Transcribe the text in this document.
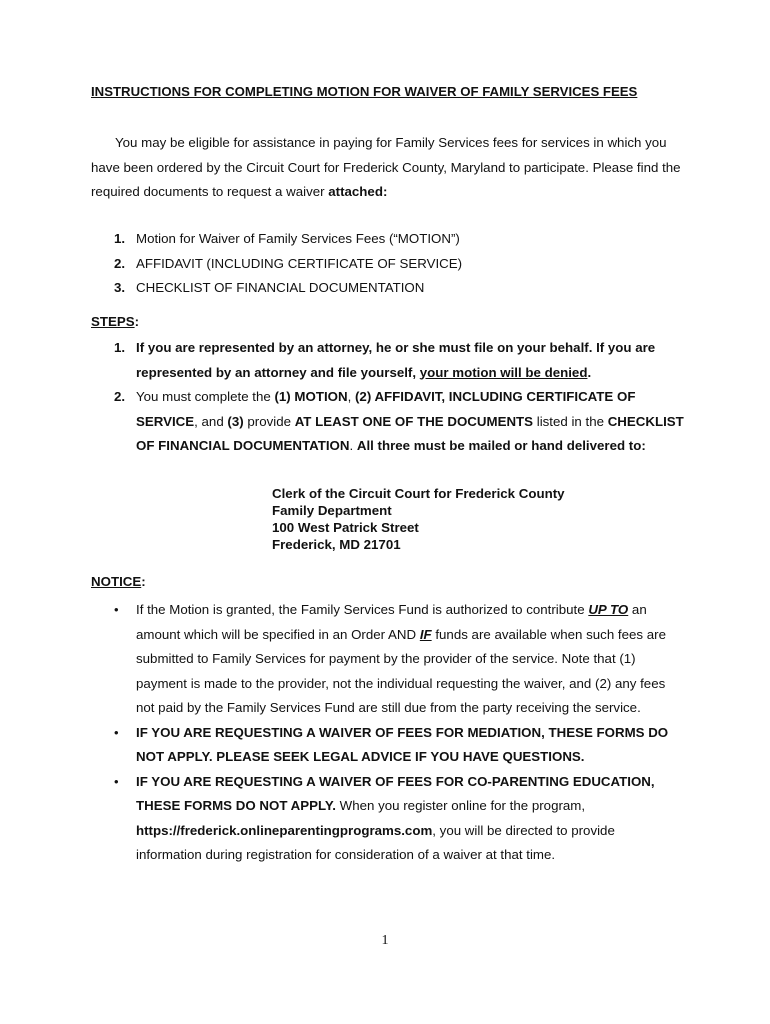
INSTRUCTIONS FOR COMPLETING MOTION FOR WAIVER OF FAMILY SERVICES FEES
You may be eligible for assistance in paying for Family Services fees for services in which you have been ordered by the Circuit Court for Frederick County, Maryland to participate. Please find the required documents to request a waiver attached:
1. Motion for Waiver of Family Services Fees (“MOTION”)
2. AFFIDAVIT (INCLUDING CERTIFICATE OF SERVICE)
3. CHECKLIST OF FINANCIAL DOCUMENTATION
STEPS:
1. If you are represented by an attorney, he or she must file on your behalf. If you are represented by an attorney and file yourself, your motion will be denied.
2. You must complete the (1) MOTION, (2) AFFIDAVIT, INCLUDING CERTIFICATE OF SERVICE, and (3) provide AT LEAST ONE OF THE DOCUMENTS listed in the CHECKLIST OF FINANCIAL DOCUMENTATION. All three must be mailed or hand delivered to:
Clerk of the Circuit Court for Frederick County
Family Department
100 West Patrick Street
Frederick, MD 21701
NOTICE:
• If the Motion is granted, the Family Services Fund is authorized to contribute UP TO an amount which will be specified in an Order AND IF funds are available when such fees are submitted to Family Services for payment by the provider of the service. Note that (1) payment is made to the provider, not the individual requesting the waiver, and (2) any fees not paid by the Family Services Fund are still due from the party receiving the service.
• IF YOU ARE REQUESTING A WAIVER OF FEES FOR MEDIATION, THESE FORMS DO NOT APPLY. PLEASE SEEK LEGAL ADVICE IF YOU HAVE QUESTIONS.
• IF YOU ARE REQUESTING A WAIVER OF FEES FOR CO-PARENTING EDUCATION, THESE FORMS DO NOT APPLY. When you register online for the program, https://frederick.onlineparentingprograms.com, you will be directed to provide information during registration for consideration of a waiver at that time.
1
